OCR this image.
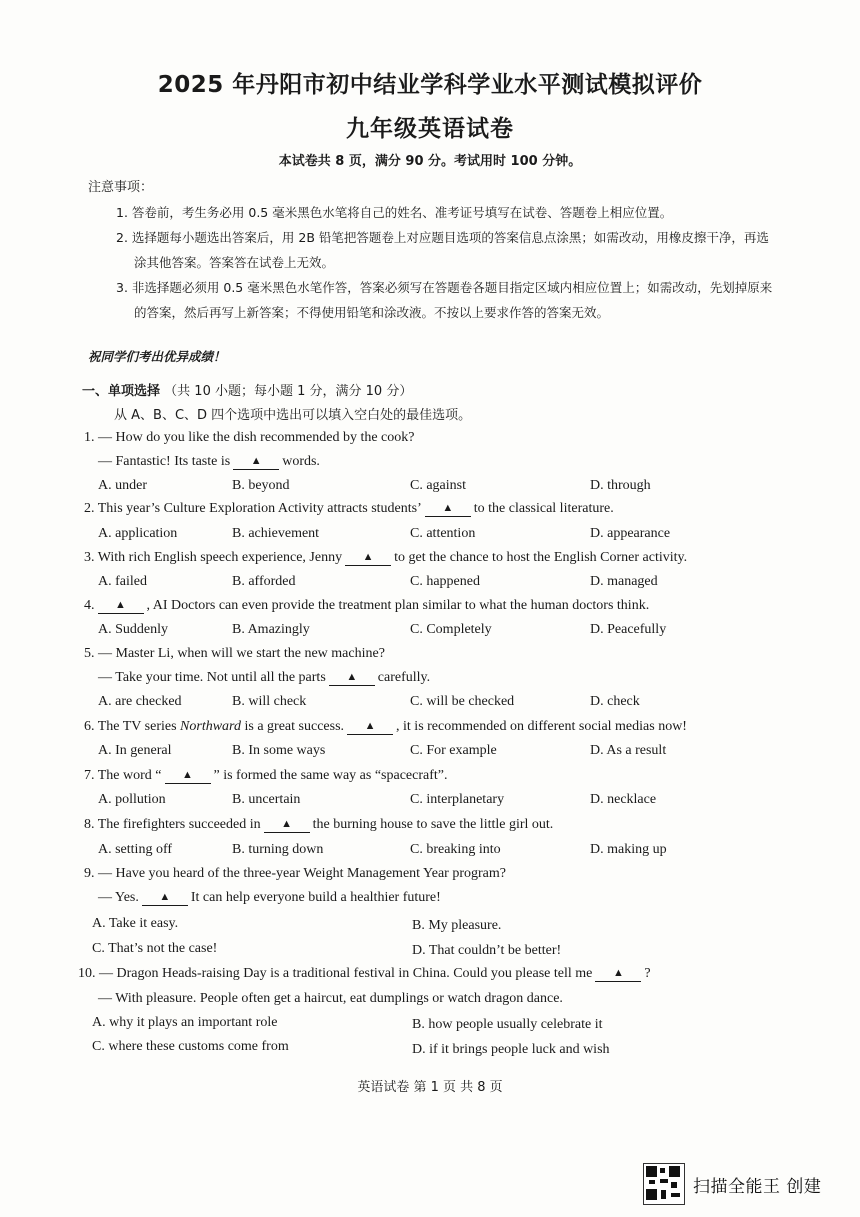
2025 年丹阳市初中结业学科学业水平测试模拟评价
九年级英语试卷
本试卷共 8 页，满分 90 分。考试用时 100 分钟。
注意事项：
1. 答卷前，考生务必用 0.5 毫米黑色水笔将自己的姓名、准考证号填写在试卷、答题卷上相应位置。
2. 选择题每小题选出答案后，用 2B 铅笔把答题卷上对应题目选项的答案信息点涂黑；如需改动，用橡皮擦干净，再选涂其他答案。答案答在试卷上无效。
3. 非选择题必须用 0.5 毫米黑色水笔作答，答案必须写在答题卷各题目指定区域内相应位置上；如需改动，先划掉原来的答案，然后再写上新答案；不得使用铅笔和涂改液。不按以上要求作答的答案无效。
祝同学们考出优异成绩！
一、单项选择 （共 10 小题；每小题 1 分，满分 10 分）
从 A、B、C、D 四个选项中选出可以填入空白处的最佳选项。
1. — How do you like the dish recommended by the cook?
— Fantastic! Its taste is ▲ words.
A. under	B. beyond	C. against	D. through
2. This year’s Culture Exploration Activity attracts students’ ▲ to the classical literature.
A. application	B. achievement	C. attention	D. appearance
3. With rich English speech experience, Jenny ▲ to get the chance to host the English Corner activity.
A. failed	B. afforded	C. happened	D. managed
4. ▲ , AI Doctors can even provide the treatment plan similar to what the human doctors think.
A. Suddenly	B. Amazingly	C. Completely	D. Peacefully
5. — Master Li, when will we start the new machine?
— Take your time. Not until all the parts ▲ carefully.
A. are checked	B. will check	C. will be checked	D. check
6. The TV series Northward is a great success. ▲ , it is recommended on different social medias now!
A. In general	B. In some ways	C. For example	D. As a result
7. The word “ ▲ ” is formed the same way as “spacecraft”.
A. pollution	B. uncertain	C. interplanetary	D. necklace
8. The firefighters succeeded in ▲ the burning house to save the little girl out.
A. setting off	B. turning down	C. breaking into	D. making up
9. — Have you heard of the three-year Weight Management Year program?
— Yes. ▲ It can help everyone build a healthier future!
A. Take it easy.	B. My pleasure.
C. That’s not the case!	D. That couldn’t be better!
10. — Dragon Heads-raising Day is a traditional festival in China. Could you please tell me ▲ ?
— With pleasure. People often get a haircut, eat dumplings or watch dragon dance.
A. why it plays an important role	B. how people usually celebrate it
C. where these customs come from	D. if it brings people luck and wish
英语试卷 第 1 页 共 8 页
扫描全能王 创建
